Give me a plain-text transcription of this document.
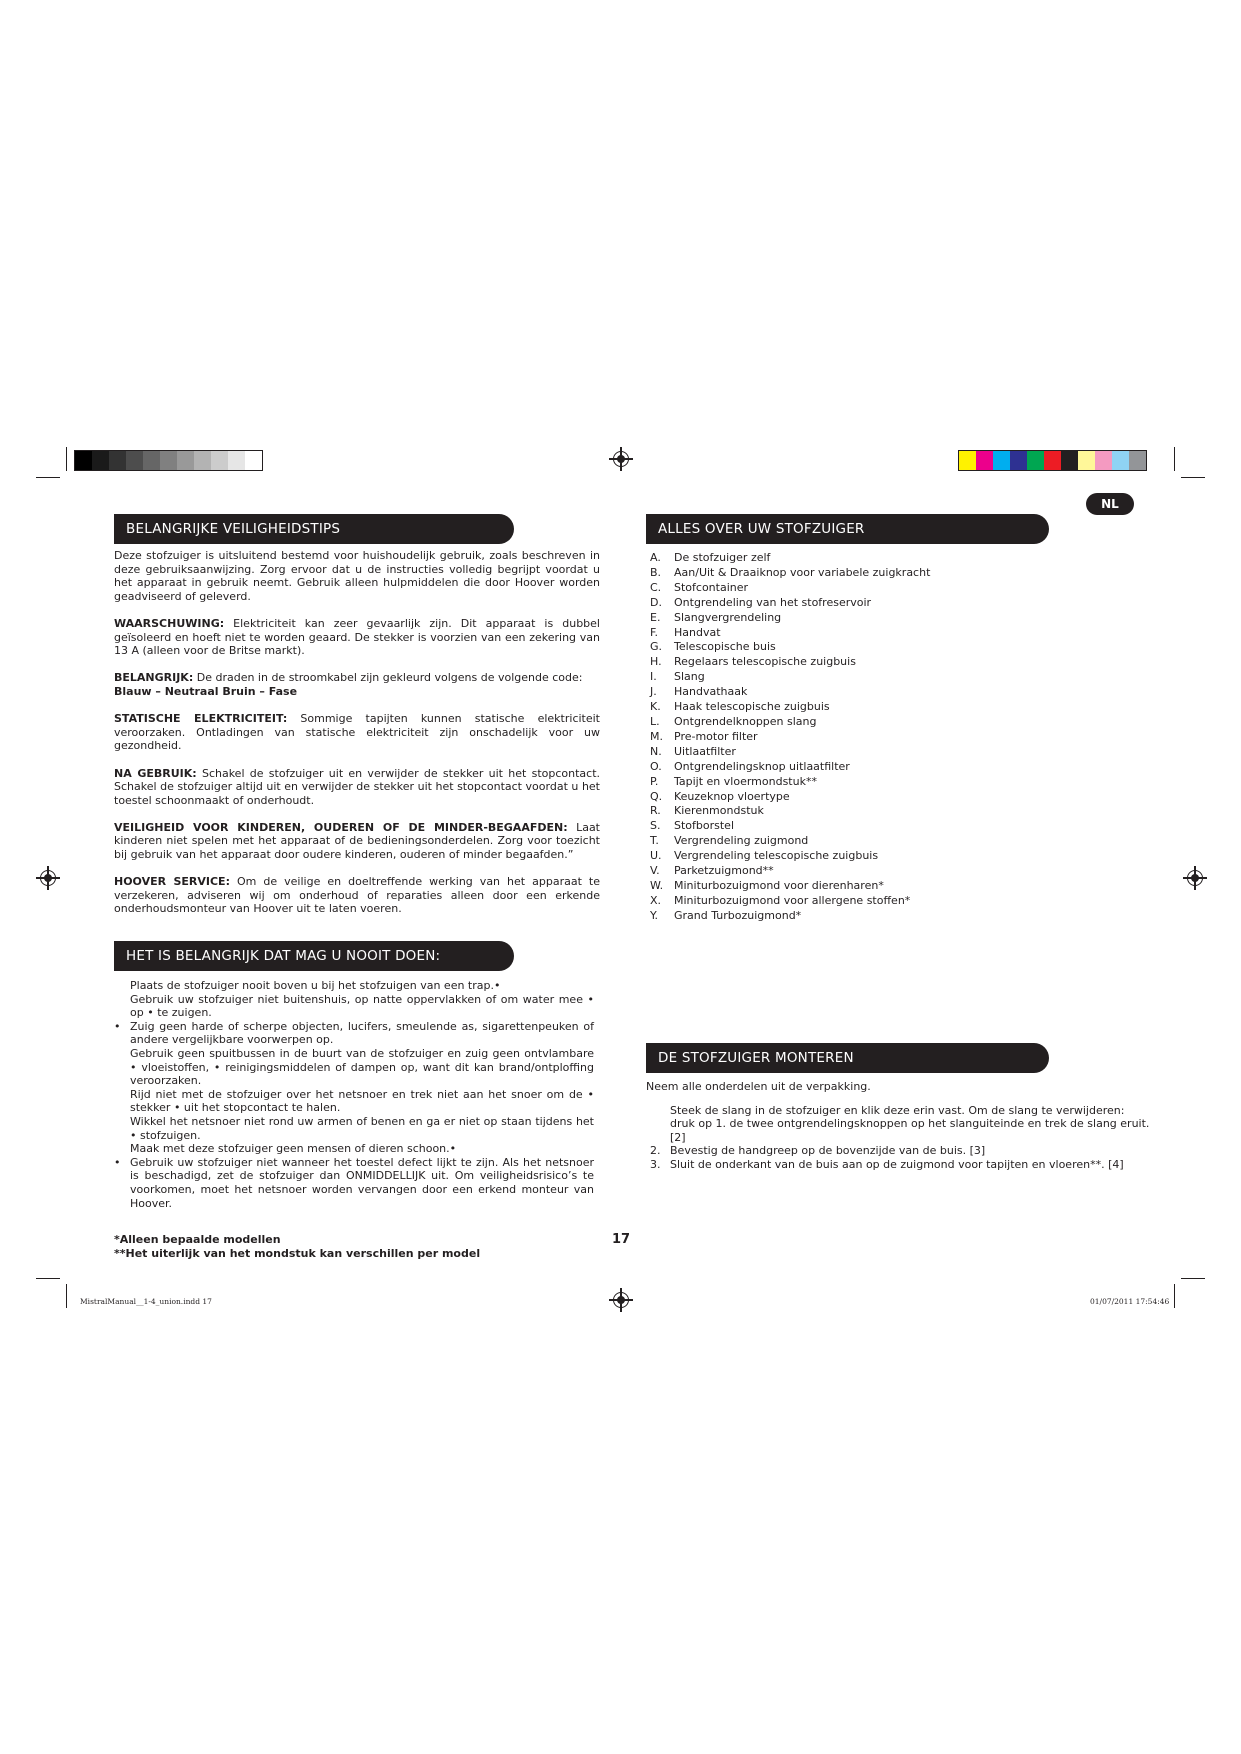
NL
BELANGRIJKE VEILIGHEIDSTIPS

Deze stofzuiger is uitsluitend bestemd voor huishoudelijk gebruik, zoals beschreven in deze gebruiksaanwijzing. Zorg ervoor dat u de instructies volledig begrijpt voordat u het apparaat in gebruik neemt. Gebruik alleen hulpmiddelen die door Hoover worden geadviseerd of geleverd.

WAARSCHUWING: Elektriciteit kan zeer gevaarlijk zijn. Dit apparaat is dubbel geïsoleerd en hoeft niet te worden geaard. De stekker is voorzien van een zekering van 13 A (alleen voor de Britse markt).

BELANGRIJK: De draden in de stroomkabel zijn gekleurd volgens de volgende code:
Blauw – Neutraal Bruin – Fase

STATISCHE ELEKTRICITEIT: Sommige tapijten kunnen statische elektriciteit veroorzaken. Ontladingen van statische elektriciteit zijn onschadelijk voor uw gezondheid.

NA GEBRUIK: Schakel de stofzuiger uit en verwijder de stekker uit het stopcontact. Schakel de stofzuiger altijd uit en verwijder de stekker uit het stopcontact voordat u het toestel schoonmaakt of onderhoudt.

VEILIGHEID VOOR KINDEREN, OUDEREN OF DE MINDER-BEGAAFDEN: Laat kinderen niet spelen met het apparaat of de bedieningsonderdelen. Zorg voor toezicht bij gebruik van het apparaat door oudere kinderen, ouderen of minder begaafden.”

HOOVER SERVICE: Om de veilige en doeltreffende werking van het apparaat te verzekeren, adviseren wij om onderhoud of reparaties alleen door een erkende onderhoudsmonteur van Hoover uit te laten voeren.

HET IS BELANGRIJK DAT MAG U NOOIT DOEN:
Plaats de stofzuiger nooit boven u bij het stofzuigen van een trap.•
Gebruik uw stofzuiger niet buitenshuis, op natte oppervlakken of om water mee • op • te zuigen.
• Zuig geen harde of scherpe objecten, lucifers, smeulende as, sigarettenpeuken of andere vergelijkbare voorwerpen op.
Gebruik geen spuitbussen in de buurt van de stofzuiger en zuig geen ontvlambare • vloeistoffen, • reinigingsmiddelen of dampen op, want dit kan brand/ontploffing veroorzaken.
Rijd niet met de stofzuiger over het netsnoer en trek niet aan het snoer om de • stekker • uit het stopcontact te halen.
Wikkel het netsnoer niet rond uw armen of benen en ga er niet op staan tijdens het • stofzuigen.
Maak met deze stofzuiger geen mensen of dieren schoon.•
• Gebruik uw stofzuiger niet wanneer het toestel defect lijkt te zijn. Als het netsnoer is beschadigd, zet de stofzuiger dan ONMIDDELLIJK uit. Om veiligheidsrisico’s te voorkomen, moet het netsnoer worden vervangen door een erkend monteur van Hoover.
*Alleen bepaalde modellen
**Het uiterlijk van het mondstuk kan verschillen per model
17
ALLES OVER UW STOFZUIGER
A.	De stofzuiger zelf
B.	Aan/Uit & Draaiknop voor variabele zuigkracht
C.	Stofcontainer
D.	Ontgrendeling van het stofreservoir
E.	Slangvergrendeling
F.	Handvat
G.	Telescopische buis
H.	Regelaars telescopische zuigbuis
I.	Slang
J.	Handvathaak
K.	Haak telescopische zuigbuis
L.	Ontgrendelknoppen slang
M.	Pre-motor filter
N.	Uitlaatfilter
O.	Ontgrendelingsknop uitlaatfilter
P.	Tapijt en vloermondstuk**
Q.	Keuzeknop vloertype
R.	Kierenmondstuk
S.	Stofborstel
T.	Vergrendeling zuigmond
U.	Vergrendeling telescopische zuigbuis
V.	Parketzuigmond**
W. Miniturbozuigmond voor dierenharen*
X.	Miniturbozuigmond voor allergene stoffen*
Y.	Grand Turbozuigmond*
DE STOFZUIGER MONTEREN
Neem alle onderdelen uit de verpakking.
Steek de slang in de stofzuiger en klik deze erin vast. Om de slang te verwijderen: druk op 1. de twee ontgrendelingsknoppen op het slanguiteinde en trek de slang eruit. [2]
2. Bevestig de handgreep op de bovenzijde van de buis. [3]
3. Sluit de onderkant van de buis aan op de zuigmond voor tapijten en vloeren**. [4]
MistralManual__1-4_union.indd 17	01/07/2011 17:54:46
